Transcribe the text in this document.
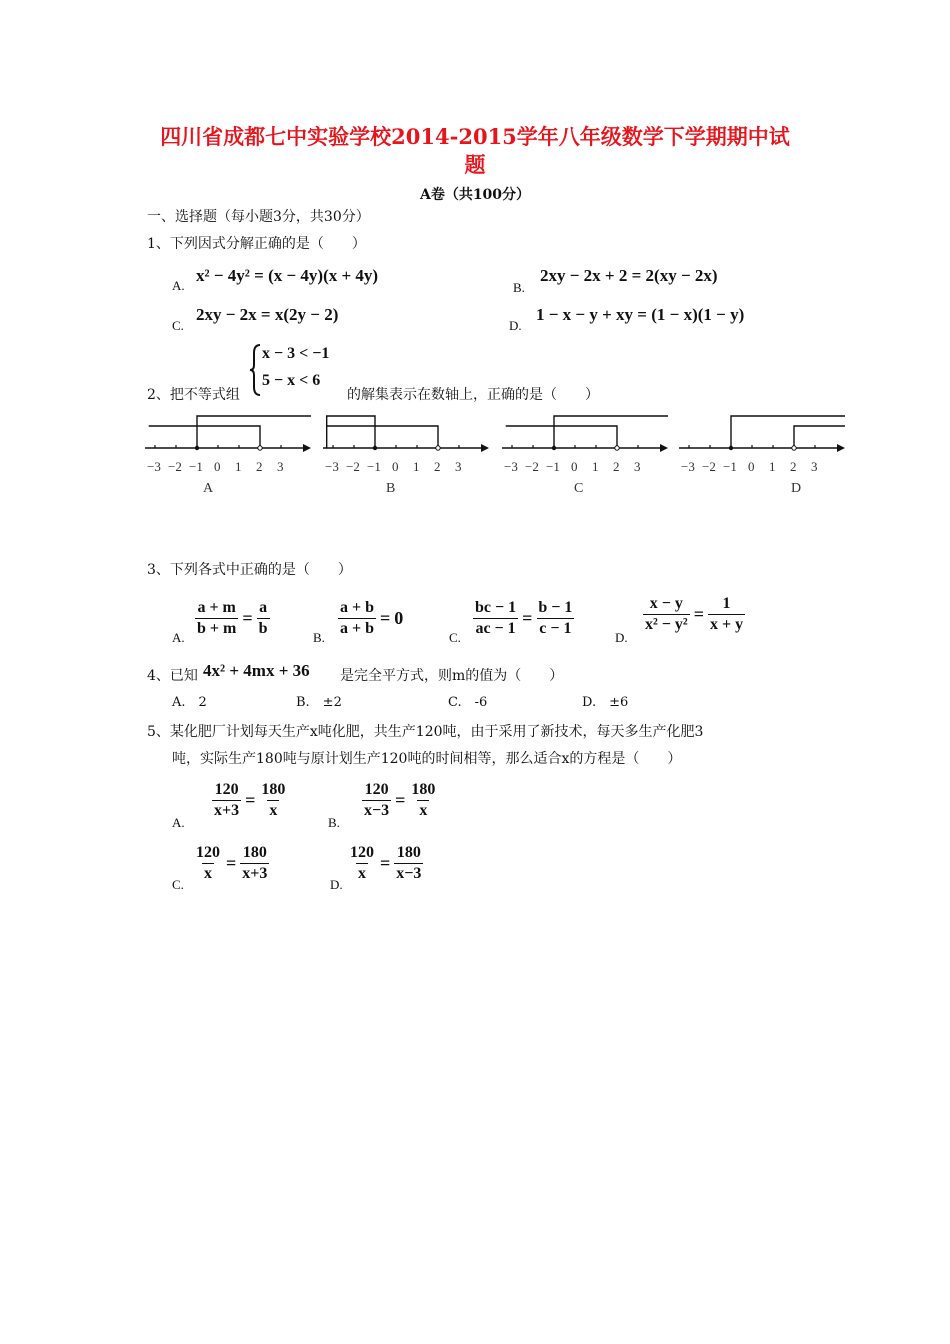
四川省成都七中实验学校2014-2015学年八年级数学下学期期中试
题
A卷（共100分）
一、选择题（每小题3分，共30分）
1、下列因式分解正确的是（　　）
A.
x² − 4y² = (x − 4y)(x + 4y)
B.
2xy − 2x + 2 = 2(xy − 2x)
C.
2xy − 2x = x(2y − 2)
D.
1 − x − y + xy = (1 − x)(1 − y)
2、把不等式组
x − 3 < −1
5 − x < 6
的解集表示在数轴上，正确的是（　　）
−3 −2 −1 0 1 2 3
A
−3 −2 −1 0 1 2 3
B
−3 −2 −1 0 1 2 3
C
−3 −2 −1 0 1 2 3
D
3、下列各式中正确的是（　　）
A. $\frac{a + m}{b + m} = \frac{a}{b}$	B. $\frac{a + b}{a + b} = 0$
C. $\frac{bc - 1}{ac - 1} = \frac{b - 1}{c - 1}$	D.
$\frac{x - y}{\text{x² − y²}} = \frac{1}{x + y}$
4、已知 4x² + 4mx + 36 是完全平方式，则m的值为（　　）
A.　2	B.　±2	C.　-6	D.　±6
5、某化肥厂计划每天生产x吨化肥，共生产120吨，由于采用了新技术，每天多生产化肥3
吨，实际生产180吨与原计划生产120吨的时间相等，那么适合x的方程是（　　）
A.
$\frac{120}{x+3} = \frac{180}{x}$
B.
$\frac{120}{x-3} = \frac{180}{x}$
C.
$\frac{120}{x} = \frac{180}{x+3}$
D.
$\frac{120}{x} = \frac{180}{x-3}$
